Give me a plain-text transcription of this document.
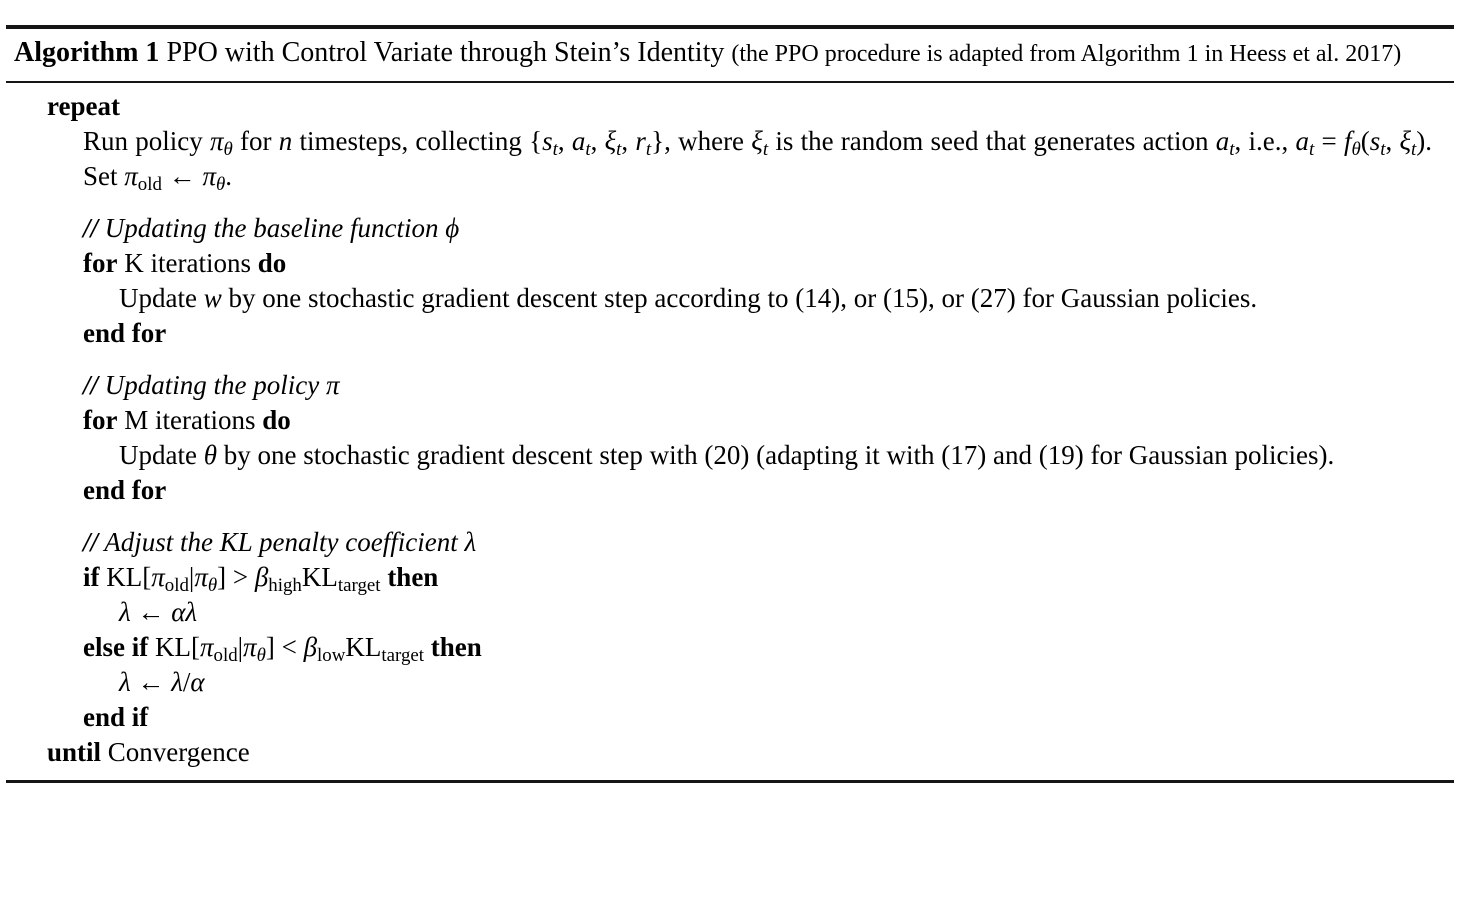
Algorithm 1 PPO with Control Variate through Stein’s Identity (the PPO procedure is adapted from Algorithm 1 in Heess et al. 2017)
repeat
Run policy $\pi_\theta$ for n timesteps, collecting {$s_t$, $a_t$, $\xi_t$, $r_t$}, where $\xi_t$ is the random seed that generates action $a_t$, i.e., $a_t = f_\theta(s_t$, $\xi_t$). Set $\pi_{old}$ ← $\pi_\theta$.
// Updating the baseline function ϕ
for K iterations do
Update w by one stochastic gradient descent step according to (14), or (15), or (27) for Gaussian policies.
end for
// Updating the policy π
for M iterations do
Update θ by one stochastic gradient descent step with (20) (adapting it with (17) and (19) for Gaussian policies).
end for
// Adjust the KL penalty coefficient λ
if $KL[\pi_{old}|\pi_\theta] > \beta_{high}KL_{target}$ then
λ ← αλ
else if $KL[\pi_{old}|\pi_\theta] < \beta_{low}KL_{target}$ then
λ ← λ/α
end if
until Convergence
